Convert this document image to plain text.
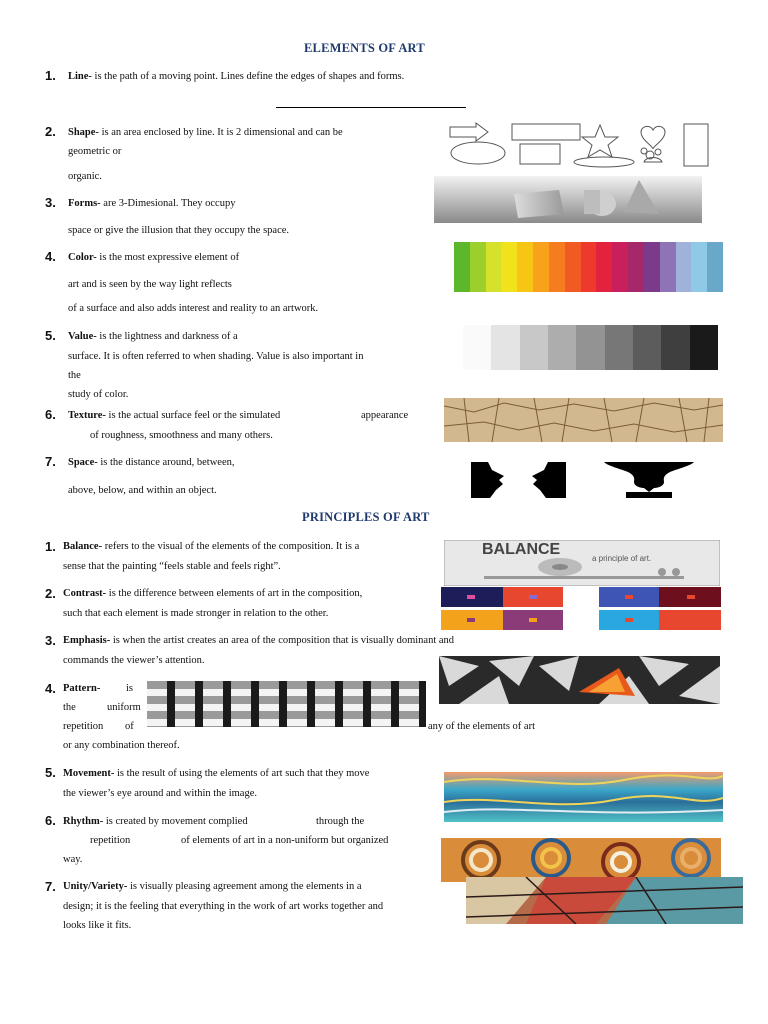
ELEMENTS OF ART
1. Line- is the path of a moving point. Lines define the edges of shapes and forms.
2. Shape- is an area enclosed by line. It is 2 dimensional and can be
geometric or
organic.
3. Forms- are 3-Dimesional. They occupy
space or give the illusion that they occupy the space.
4. Color- is the most expressive element of
art and is seen by the way light reflects
of a surface and also adds interest and reality to an artwork.
5. Value- is the lightness and darkness of a
surface. It is often referred to when shading. Value is also important in
the
study of color.
6. Texture- is the actual surface feel or the simulated	appearance
of roughness, smoothness and many others.
7. Space- is the distance around, between,
above, below, and within an object.
PRINCIPLES OF ART
1. Balance- refers to the visual of the elements of the composition. It is a
sense that the painting “feels stable and feels right”.
2. Contrast- is the difference between elements of art in the composition,
such that each element is made stronger in relation to the other.
3. Emphasis- is when the artist creates an area of the composition that is visually dominant and
commands the viewer’s attention.
4. Pattern- is
the	uniform
repetition of	any of the elements of art
or any combination thereof.
5. Movement- is the result of using the elements of art such that they move
the viewer’s eye around and within the image.
6. Rhythm- is created by movement complied	through the
repetition	of elements of art in a non-uniform but organized
way.
7. Unity/Variety- is visually pleasing agreement among the elements in a
design; it is the feeling that everything in the work of art works together and
looks like it fits.
BALANCE
a principle of art.
